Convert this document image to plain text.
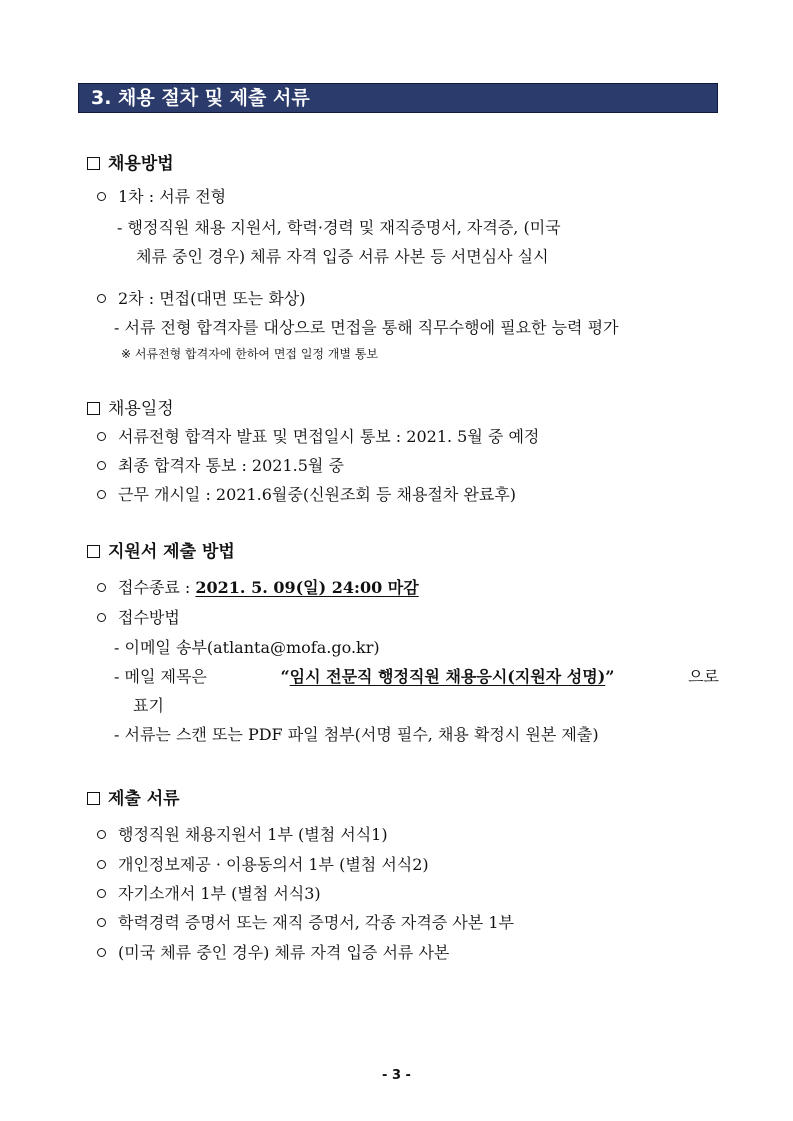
3. 채용 절차 및 제출 서류
채용방법
1차 : 서류 전형
- 행정직원 채용 지원서, 학력·경력 및 재직증명서, 자격증, (미국
체류 중인 경우) 체류 자격 입증 서류 사본 등 서면심사 실시
2차 : 면접(대면 또는 화상)
- 서류 전형 합격자를 대상으로 면접을 통해 직무수행에 필요한 능력 평가
※ 서류전형 합격자에 한하여 면접 일정 개별 통보
채용일정
서류전형 합격자 발표 및 면접일시 통보 : 2021. 5월 중 예정
최종 합격자 통보 : 2021.5월 중
근무 개시일 : 2021.6월중(신원조회 등 채용절차 완료후)
지원서 제출 방법
접수종료 : 2021. 5. 09(일) 24:00 마감
접수방법
- 이메일 송부(atlanta@mofa.go.kr)
- 메일 제목은	“임시 전문직 행정직원 채용응시(지원자 성명)”	으로
표기
- 서류는 스캔 또는 PDF 파일 첨부(서명 필수, 채용 확정시 원본 제출)
제출 서류
행정직원 채용지원서 1부 (별첨 서식1)
개인정보제공 · 이용동의서 1부 (별첨 서식2)
자기소개서 1부 (별첨 서식3)
학력경력 증명서 또는 재직 증명서, 각종 자격증 사본 1부
(미국 체류 중인 경우) 체류 자격 입증 서류 사본
- 3 -
